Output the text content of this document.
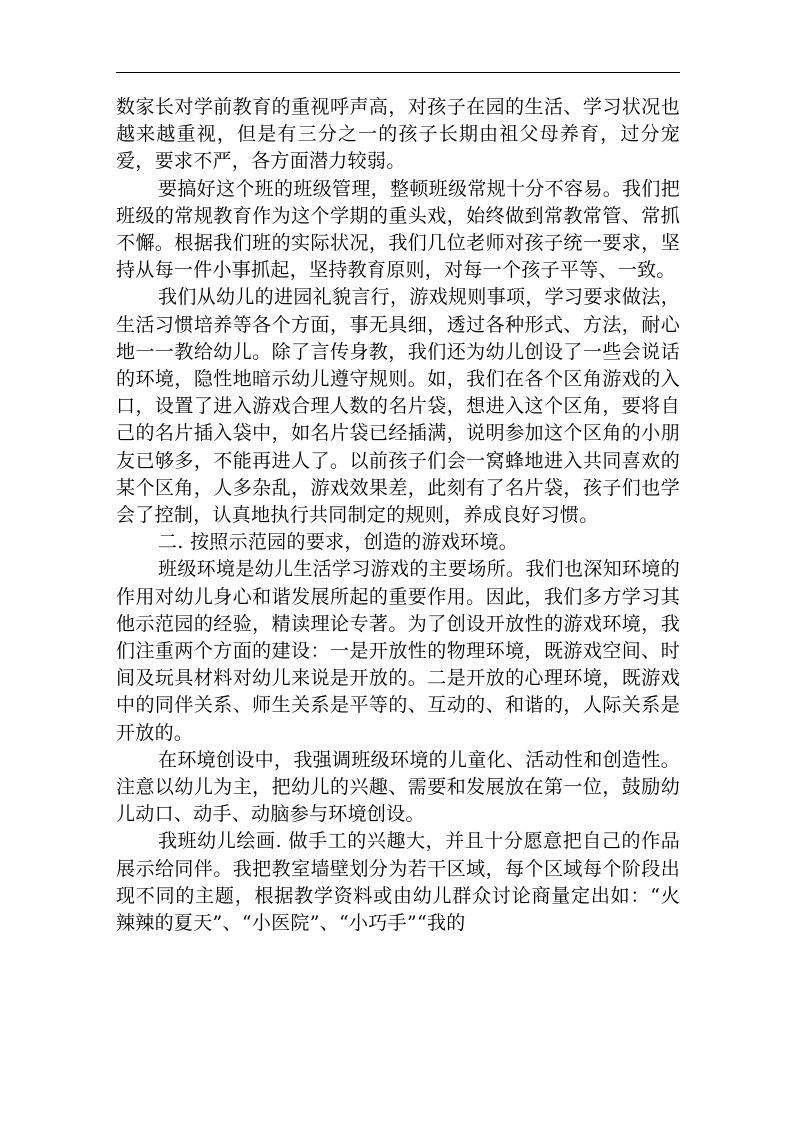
数家长对学前教育的重视呼声高，对孩子在园的生活、学习状况也越来越重视，但是有三分之一的孩子长期由祖父母养育，过分宠爱，要求不严，各方面潜力较弱。

要搞好这个班的班级管理，整顿班级常规十分不容易。我们把班级的常规教育作为这个学期的重头戏，始终做到常教常管、常抓不懈。根据我们班的实际状况，我们几位老师对孩子统一要求，坚持从每一件小事抓起，坚持教育原则，对每一个孩子平等、一致。

我们从幼儿的进园礼貌言行，游戏规则事项，学习要求做法，生活习惯培养等各个方面，事无具细，透过各种形式、方法，耐心地一一教给幼儿。除了言传身教，我们还为幼儿创设了一些会说话的环境，隐性地暗示幼儿遵守规则。如，我们在各个区角游戏的入口，设置了进入游戏合理人数的名片袋，想进入这个区角，要将自己的名片插入袋中，如名片袋已经插满，说明参加这个区角的小朋友已够多，不能再进人了。以前孩子们会一窝蜂地进入共同喜欢的某个区角，人多杂乱，游戏效果差，此刻有了名片袋，孩子们也学会了控制，认真地执行共同制定的规则，养成良好习惯。

二. 按照示范园的要求，创造的游戏环境。

班级环境是幼儿生活学习游戏的主要场所。我们也深知环境的作用对幼儿身心和谐发展所起的重要作用。因此，我们多方学习其他示范园的经验，精读理论专著。为了创设开放性的游戏环境，我们注重两个方面的建设：一是开放性的物理环境，既游戏空间、时间及玩具材料对幼儿来说是开放的。二是开放的心理环境，既游戏中的同伴关系、师生关系是平等的、互动的、和谐的，人际关系是开放的。

在环境创设中，我强调班级环境的儿童化、活动性和创造性。注意以幼儿为主，把幼儿的兴趣、需要和发展放在第一位，鼓励幼儿动口、动手、动脑参与环境创设。

我班幼儿绘画. 做手工的兴趣大，并且十分愿意把自己的作品展示给同伴。我把教室墙壁划分为若干区域，每个区域每个阶段出现不同的主题，根据教学资料或由幼儿群众讨论商量定出如：“火辣辣的夏天”、“小医院”、“小巧手”“我的
